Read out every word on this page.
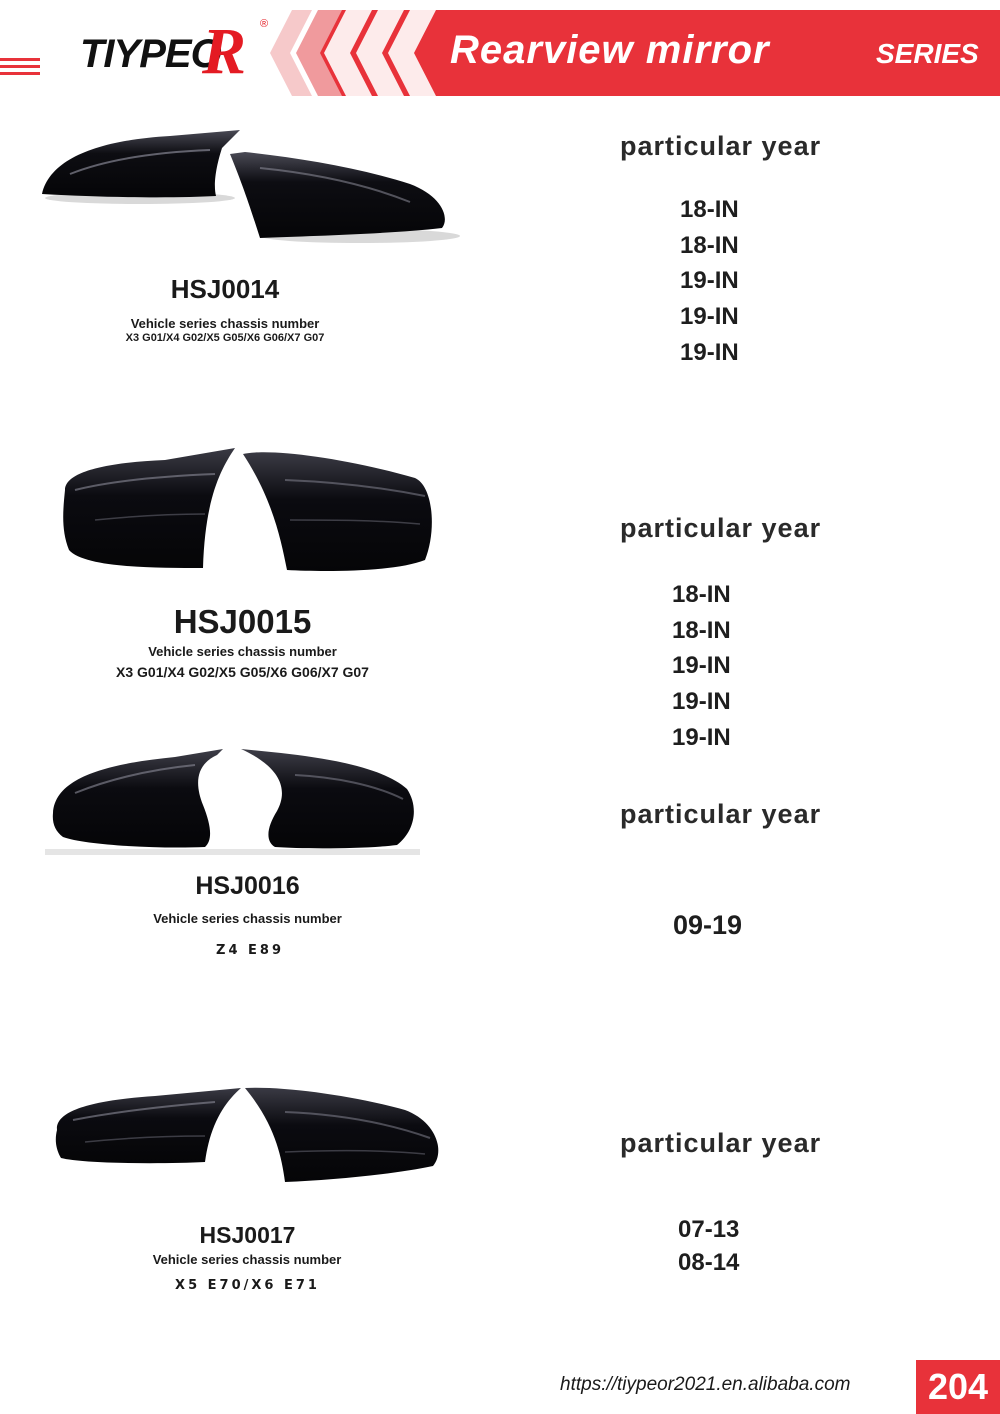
TIYPEO
R ®
Rearview mirror	SERIES
HSJ0014
Vehicle series chassis number
X3 G01/X4 G02/X5 G05/X6 G06/X7 G07
particular year
18-IN
18-IN
19-IN
19-IN
19-IN
HSJ0015
Vehicle series chassis number
X3 G01/X4 G02/X5 G05/X6 G06/X7 G07
particular year
18-IN
18-IN
19-IN
19-IN
19-IN
HSJ0016
Vehicle series chassis number
Z4 E89
particular year
09-19
HSJ0017
Vehicle series chassis number
X5 E70/X6 E71
particular year
07-13
08-14
https://tiypeor2021.en.alibaba.com	204
